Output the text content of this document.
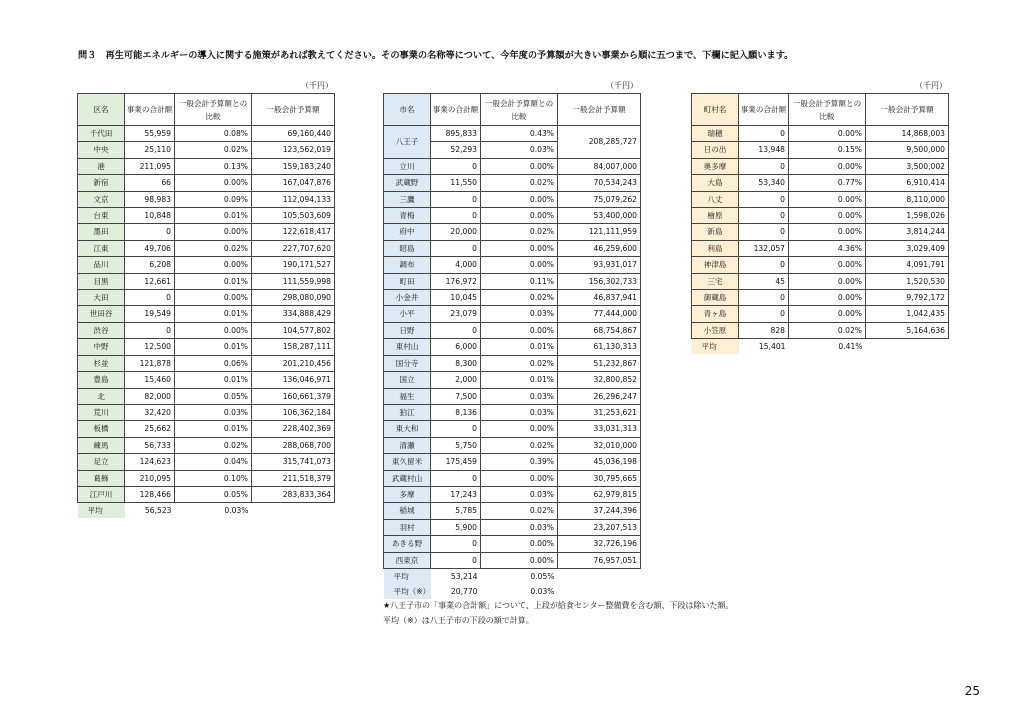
問３　再生可能エネルギーの導入に関する施策があれば教えてください。その事業の名称等について、今年度の予算額が大きい事業から順に五つまで、下欄に記入願います。
（千円）	（千円）	（千円）
区名	事業の合計額	一般会計予算額との比較	一般会計予算額
千代田	55,959	0.08%	69,160,440
中央	25,110	0.02%	123,562,019
港	211,095	0.13%	159,183,240
新宿	66	0.00%	167,047,876
文京	98,983	0.09%	112,094,133
台東	10,848	0.01%	105,503,609
墨田	0	0.00%	122,618,417
江東	49,706	0.02%	227,707,620
品川	6,208	0.00%	190,171,527
目黒	12,661	0.01%	111,559,998
大田	0	0.00%	298,080,090
世田谷	19,549	0.01%	334,888,429
渋谷	0	0.00%	104,577,802
中野	12,500	0.01%	158,287,111
杉並	121,878	0.06%	201,210,456
豊島	15,460	0.01%	136,046,971
北	82,000	0.05%	160,661,379
荒川	32,420	0.03%	106,362,184
板橋	25,662	0.01%	228,402,369
練馬	56,733	0.02%	288,068,700
足立	124,623	0.04%	315,741,073
葛飾	210,095	0.10%	211,518,379
江戸川	128,466	0.05%	283,833,364
平均	56,523	0.03%	
市名	事業の合計額	一般会計予算額との比較	一般会計予算額
八王子	895,833	0.43%	208,285,727
	52,293	0.03%	
立川	0	0.00%	84,007,000
武蔵野	11,550	0.02%	70,534,243
三鷹	0	0.00%	75,079,262
青梅	0	0.00%	53,400,000
府中	20,000	0.02%	121,111,959
昭島	0	0.00%	46,259,600
調布	4,000	0.00%	93,931,017
町田	176,972	0.11%	156,302,733
小金井	10,045	0.02%	46,837,941
小平	23,079	0.03%	77,444,000
日野	0	0.00%	68,754,867
東村山	6,000	0.01%	61,130,313
国分寺	8,300	0.02%	51,232,867
国立	2,000	0.01%	32,800,852
福生	7,500	0.03%	26,296,247
狛江	8,136	0.03%	31,253,621
東大和	0	0.00%	33,031,313
清瀬	5,750	0.02%	32,010,000
東久留米	175,459	0.39%	45,036,198
武蔵村山	0	0.00%	30,795,665
多摩	17,243	0.03%	62,979,815
稲城	5,785	0.02%	37,244,396
羽村	5,900	0.03%	23,207,513
あきる野	0	0.00%	32,726,196
西東京	0	0.00%	76,957,051
平均	53,214	0.05%	
平均（※）	20,770	0.03%	
町村名	事業の合計額	一般会計予算額との比較	一般会計予算額
瑞穂	0	0.00%	14,868,003
日の出	13,948	0.15%	9,500,000
奥多摩	0	0.00%	3,500,002
大島	53,340	0.77%	6,910,414
八丈	0	0.00%	8,110,000
檜原	0	0.00%	1,598,026
新島	0	0.00%	3,814,244
利島	132,057	4.36%	3,029,409
神津島	0	0.00%	4,091,791
三宅	45	0.00%	1,520,530
御蔵島	0	0.00%	9,792,172
青ヶ島	0	0.00%	1,042,435
小笠原	828	0.02%	5,164,636
平均	15,401	0.41%	
★八王子市の「事業の合計額」について、上段が給食センター整備費を含む額、下段は除いた額。
平均（※）は八王子市の下段の額で計算。
25
